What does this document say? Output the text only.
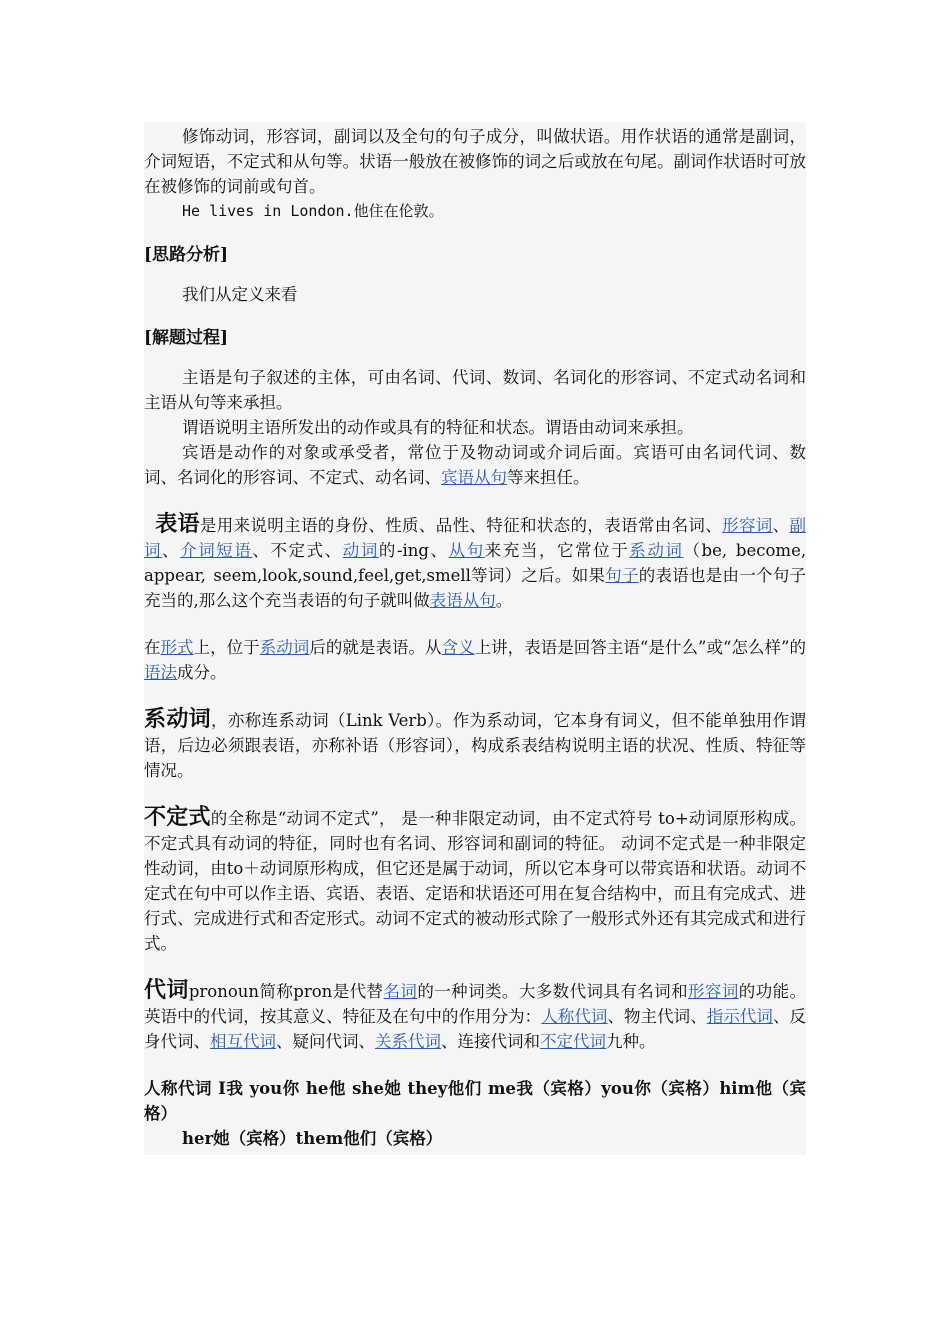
修饰动词，形容词，副词以及全句的句子成分，叫做状语。用作状语的通常是副词，介词短语，不定式和从句等。状语一般放在被修饰的词之后或放在句尾。副词作状语时可放在被修饰的词前或句首。

He lives in London.他住在伦敦。

[思路分析]

我们从定义来看

[解题过程]

主语是句子叙述的主体，可由名词、代词、数词、名词化的形容词、不定式动名词和主语从句等来承担。

谓语说明主语所发出的动作或具有的特征和状态。谓语由动词来承担。

宾语是动作的对象或承受者，常位于及物动词或介词后面。宾语可由名词代词、数词、名词化的形容词、不定式、动名词、宾语从句等来担任。

表语是用来说明主语的身份、性质、品性、特征和状态的，表语常由名词、形容词、副词、介词短语、不定式、动词的-ing、从句来充当，它常位于系动词（be, become, appear, seem,look,sound,feel,get,smell等词）之后。如果句子的表语也是由一个句子充当的,那么这个充当表语的句子就叫做表语从句。

在形式上，位于系动词后的就是表语。从含义上讲，表语是回答主语“是什么”或“怎么样”的语法成分。

系动词，亦称连系动词（Link Verb）。作为系动词，它本身有词义，但不能单独用作谓语，后边必须跟表语，亦称补语（形容词），构成系表结构说明主语的状况、性质、特征等情况。

不定式的全称是“动词不定式”， 是一种非限定动词，由不定式符号 to+动词原形构成。不定式具有动词的特征，同时也有名词、形容词和副词的特征。 动词不定式是一种非限定性动词，由to＋动词原形构成，但它还是属于动词，所以它本身可以带宾语和状语。动词不定式在句中可以作主语、宾语、表语、定语和状语还可用在复合结构中，而且有完成式、进行式、完成进行式和否定形式。动词不定式的被动形式除了一般形式外还有其完成式和进行式。

代词pronoun简称pron是代替名词的一种词类。大多数代词具有名词和形容词的功能。英语中的代词，按其意义、特征及在句中的作用分为：人称代词、物主代词、指示代词、反身代词、相互代词、疑问代词、关系代词、连接代词和不定代词九种。

人称代词 I我 you你 he他 she她 they他们 me我（宾格）you你（宾格）him他（宾格）

her她（宾格）them他们（宾格）
